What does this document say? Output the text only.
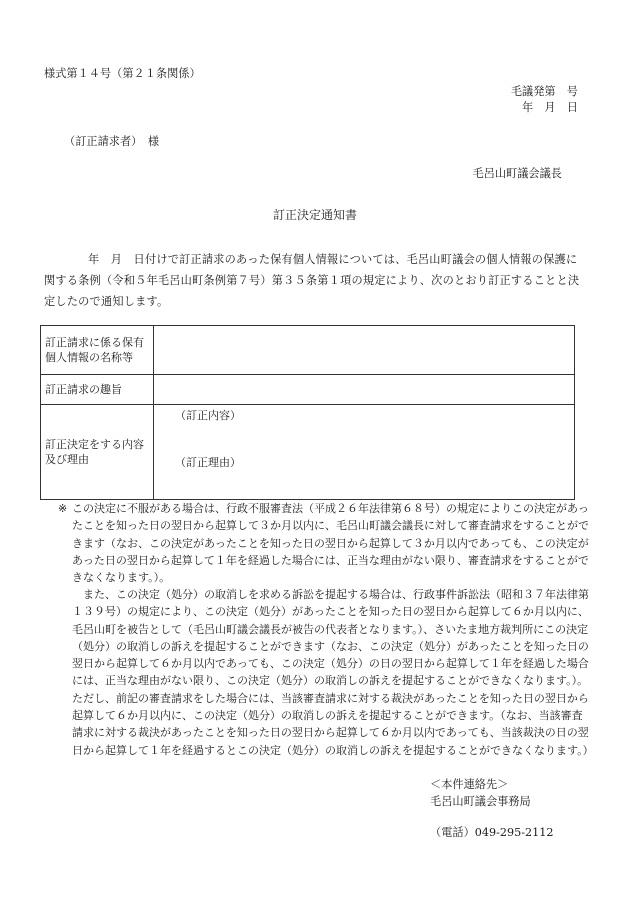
様式第１４号（第２１条関係）
毛議発第　号
年　月　日
（訂正請求者）　様
毛呂山町議会議長
訂正決定通知書
年　月　日付けで訂正請求のあった保有個人情報については、毛呂山町議会の個人情報の保護に関する条例（令和５年毛呂山町条例第７号）第３５条第１項の規定により、次のとおり訂正することと決定したので通知します。
訂正請求に係る保有個人情報の名称等	
訂正請求の趣旨	
訂正決定をする内容及び理由	（訂正内容）
（訂正理由）
※ この決定に不服がある場合は、行政不服審査法（平成２６年法律第６８号）の規定によりこの決定があったことを知った日の翌日から起算して３か月以内に、毛呂山町議会議長に対して審査請求をすることができます（なお、この決定があったことを知った日の翌日から起算して３か月以内であっても、この決定があった日の翌日から起算して１年を経過した場合には、正当な理由がない限り、審査請求をすることができなくなります。）。
また、この決定（処分）の取消しを求める訴訟を提起する場合は、行政事件訴訟法（昭和３７年法律第１３９号）の規定により、この決定（処分）があったことを知った日の翌日から起算して６か月以内に、毛呂山町を被告として（毛呂山町議会議長が被告の代表者となります。）、さいたま地方裁判所にこの決定（処分）の取消しの訴えを提起することができます（なお、この決定（処分）があったことを知った日の翌日から起算して６か月以内であっても、この決定（処分）の日の翌日から起算して１年を経過した場合には、正当な理由がない限り、この決定（処分）の取消しの訴えを提起することができなくなります。）。ただし、前記の審査請求をした場合には、当該審査請求に対する裁決があったことを知った日の翌日から起算して６か月以内に、この決定（処分）の取消しの訴えを提起することができます。（なお、当該審査請求に対する裁決があったことを知った日の翌日から起算して６か月以内であっても、当該裁決の日の翌日から起算して１年を経過するとこの決定（処分）の取消しの訴えを提起することができなくなります。）
＜本件連絡先＞
毛呂山町議会事務局
（電話）049-295-2112
